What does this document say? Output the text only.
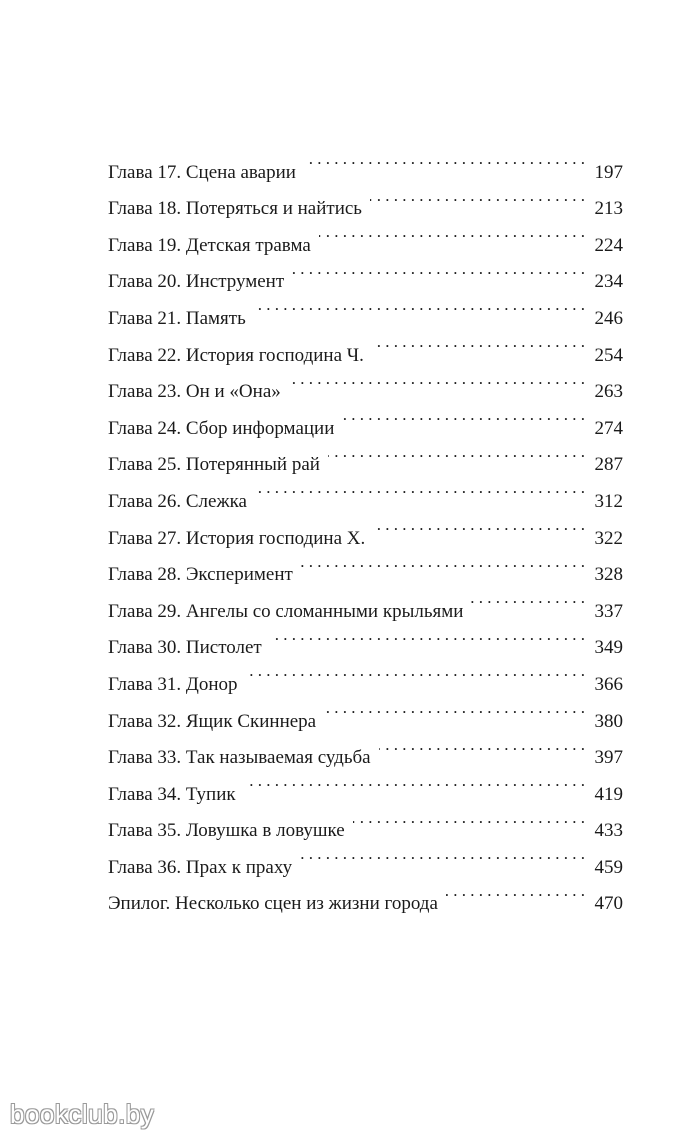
Глава 17. Сцена аварии . . .	197
Глава 18. Потеряться и найтись . . .	213
Глава 19. Детская травма . . .	224
Глава 20. Инструмент . . .	234
Глава 21. Память . . .	246
Глава 22. История господина Ч. . . .	254
Глава 23. Он и «Она» . . .	263
Глава 24. Сбор информации . . .	274
Глава 25. Потерянный рай . . .	287
Глава 26. Слежка . . .	312
Глава 27. История господина Х. . . .	322
Глава 28. Эксперимент . . .	328
Глава 29. Ангелы со сломанными крыльями . . .	337
Глава 30. Пистолет . . .	349
Глава 31. Донор . . .	366
Глава 32. Ящик Скиннера . . .	380
Глава 33. Так называемая судьба . . .	397
Глава 34. Тупик . . .	419
Глава 35. Ловушка в ловушке . . .	433
Глава 36. Прах к праху . . .	459
Эпилог. Несколько сцен из жизни города . . .	470
bookclub.by
